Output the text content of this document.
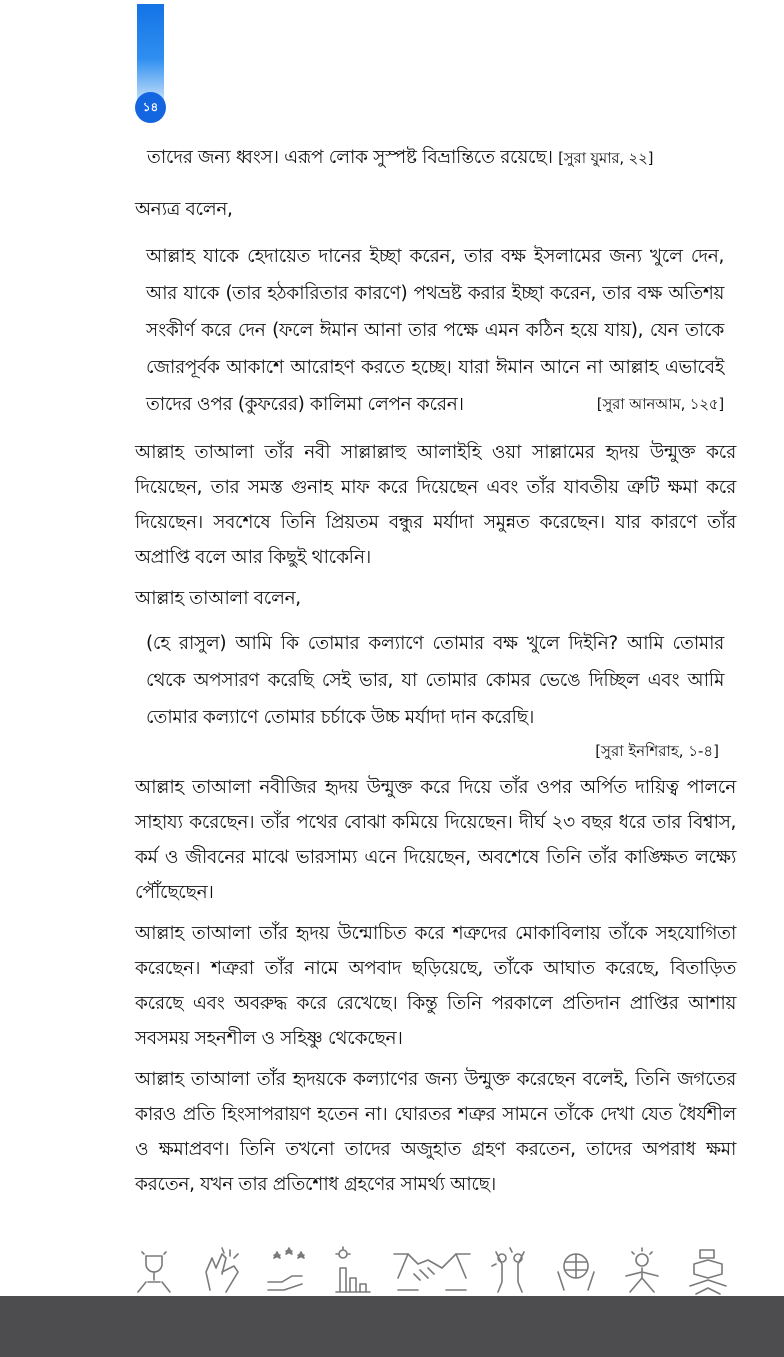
১৪
তাদের জন্য ধ্বংস। এরূপ লোক সুস্পষ্ট বিভ্রান্তিতে রয়েছে। [সুরা যুমার, ২২]
অন্যত্র বলেন,

আল্লাহ যাকে হেদায়েত দানের ইচ্ছা করেন, তার বক্ষ ইসলামের জন্য খুলে দেন, আর যাকে (তার হঠকারিতার কারণে) পথভ্রষ্ট করার ইচ্ছা করেন, তার বক্ষ অতিশয় সংকীর্ণ করে দেন (ফলে ঈমান আনা তার পক্ষে এমন কঠিন হয়ে যায়), যেন তাকে জোরপূর্বক আকাশে আরোহণ করতে হচ্ছে। যারা ঈমান আনে না আল্লাহ এভাবেই তাদের ওপর (কুফরের) কালিমা লেপন করেন।	[সুরা আনআম, ১২৫]

আল্লাহ তাআলা তাঁর নবী সাল্লাল্লাহু আলাইহি ওয়া সাল্লামের হৃদয় উন্মুক্ত করে দিয়েছেন, তার সমস্ত গুনাহ মাফ করে দিয়েছেন এবং তাঁর যাবতীয় ত্রুটি ক্ষমা করে দিয়েছেন। সবশেষে তিনি প্রিয়তম বন্ধুর মর্যাদা সমুন্নত করেছেন। যার কারণে তাঁর অপ্রাপ্তি বলে আর কিছুই থাকেনি।

আল্লাহ তাআলা বলেন,

(হে রাসুল) আমি কি তোমার কল্যাণে তোমার বক্ষ খুলে দিইনি? আমি তোমার থেকে অপসারণ করেছি সেই ভার, যা তোমার কোমর ভেঙে দিচ্ছিল এবং আমি তোমার কল্যাণে তোমার চর্চাকে উচ্চ মর্যাদা দান করেছি।

[সুরা ইনশিরাহ, ১-৪]

আল্লাহ তাআলা নবীজির হৃদয় উন্মুক্ত করে দিয়ে তাঁর ওপর অর্পিত দায়িত্ব পালনে সাহায্য করেছেন। তাঁর পথের বোঝা কমিয়ে দিয়েছেন। দীর্ঘ ২৩ বছর ধরে তার বিশ্বাস, কর্ম ও জীবনের মাঝে ভারসাম্য এনে দিয়েছেন, অবশেষে তিনি তাঁর কাঙ্ক্ষিত লক্ষ্যে পৌঁছেছেন।

আল্লাহ তাআলা তাঁর হৃদয় উন্মোচিত করে শত্রুদের মোকাবিলায় তাঁকে সহযোগিতা করেছেন। শত্রুরা তাঁর নামে অপবাদ ছড়িয়েছে, তাঁকে আঘাত করেছে, বিতাড়িত করেছে এবং অবরুদ্ধ করে রেখেছে। কিন্তু তিনি পরকালে প্রতিদান প্রাপ্তির আশায় সবসময় সহনশীল ও সহিষ্ণু থেকেছেন।

আল্লাহ তাআলা তাঁর হৃদয়কে কল্যাণের জন্য উন্মুক্ত করেছেন বলেই, তিনি জগতের কারও প্রতি হিংসাপরায়ণ হতেন না। ঘোরতর শত্রুর সামনে তাঁকে দেখা যেত ধৈর্যশীল ও ক্ষমাপ্রবণ। তিনি তখনো তাদের অজুহাত গ্রহণ করতেন, তাদের অপরাধ ক্ষমা করতেন, যখন তার প্রতিশোধ গ্রহণের সামর্থ্য আছে।
